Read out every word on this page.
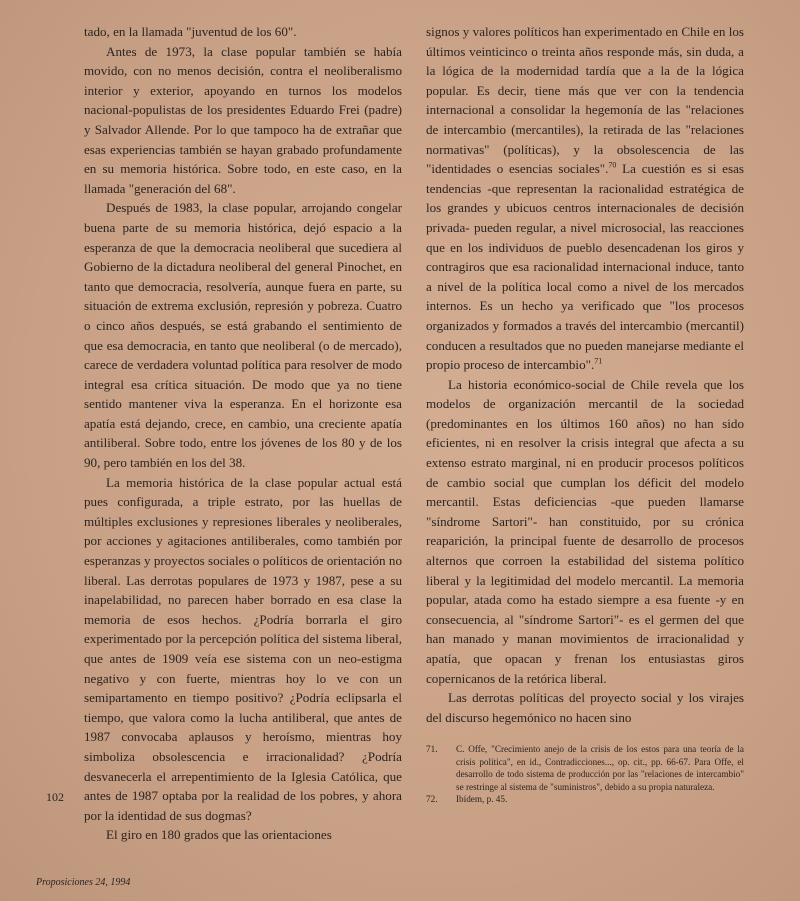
tado, en la llamada "juventud de los 60".

Antes de 1973, la clase popular también se había movido, con no menos decisión, contra el neoliberalismo interior y exterior, apoyando en turnos los modelos nacional-populistas de los presidentes Eduardo Frei (padre) y Salvador Allende. Por lo que tampoco ha de extrañar que esas experiencias también se hayan grabado profundamente en su memoria histórica. Sobre todo, en este caso, en la llamada "generación del 68".

Después de 1983, la clase popular, arrojando congelar buena parte de su memoria histórica, dejó espacio a la esperanza de que la democracia neoliberal que sucediera al Gobierno de la dictadura neoliberal del general Pinochet, en tanto que democracia, resolvería, aunque fuera en parte, su situación de extrema exclusión, represión y pobreza. Cuatro o cinco años después, se está grabando el sentimiento de que esa democracia, en tanto que neoliberal (o de mercado), carece de verdadera voluntad política para resolver de modo integral esa crítica situación. De modo que ya no tiene sentido mantener viva la esperanza. En el horizonte esa apatía está dejando, crece, en cambio, una creciente apatía antiliberal. Sobre todo, entre los jóvenes de los 80 y de los 90, pero también en los del 38.

La memoria histórica de la clase popular actual está pues configurada, a triple estrato, por las huellas de múltiples exclusiones y represiones liberales y neoliberales, por acciones y agitaciones antiliberales, como también por esperanzas y proyectos sociales o políticos de orientación no liberal. Las derrotas populares de 1973 y 1987, pese a su inapelabilidad, no parecen haber borrado en esa clase la memoria de esos hechos. ¿Podría borrarla el giro experimentado por la percepción política del sistema liberal, que antes de 1909 veía ese sistema con un neo-estigma negativo y con fuerte, mientras hoy lo ve con un semipartamento en tiempo positivo? ¿Podría eclipsarla el tiempo, que valora como la lucha antiliberal, que antes de 1987 convocaba aplausos y heroísmo, mientras hoy simboliza obsolescencia e irracionalidad? ¿Podría desvanecerla el arrepentimiento de la Iglesia Católica, que antes de 1987 optaba por la realidad de los pobres, y ahora por la identidad de sus dogmas?

El giro en 180 grados que las orientaciones

signos y valores políticos han experimentado en Chile en los últimos veinticinco o treinta años responde más, sin duda, a la lógica de la modernidad tardía que a la de la lógica popular. Es decir, tiene más que ver con la tendencia internacional a consolidar la hegemonía de las "relaciones de intercambio (mercantiles), la retirada de las "relaciones normativas" (políticas), y la obsolescencia de las "identidades o esencias sociales".$^{70}$ La cuestión es si esas tendencias -que representan la racionalidad estratégica de los grandes y ubicuos centros internacionales de decisión privada- pueden regular, a nivel microsocial, las reacciones que en los individuos de pueblo desencadenan los giros y contragiros que esa racionalidad internacional induce, tanto a nivel de la política local como a nivel de los mercados internos. Es un hecho ya verificado que "los procesos organizados y formados a través del intercambio (mercantil) conducen a resultados que no pueden manejarse mediante el propio proceso de intercambio".$^{71}$

La historia económico-social de Chile revela que los modelos de organización mercantil de la sociedad (predominantes en los últimos 160 años) no han sido eficientes, ni en resolver la crisis integral que afecta a su extenso estrato marginal, ni en producir procesos políticos de cambio social que cumplan los déficit del modelo mercantil. Estas deficiencias -que pueden llamarse "síndrome Sartori"- han constituido, por su crónica reaparición, la principal fuente de desarrollo de procesos alternos que corroen la estabilidad del sistema político liberal y la legitimidad del modelo mercantil. La memoria popular, atada como ha estado siempre a esa fuente -y en consecuencia, al "síndrome Sartori"- es el germen del que han manado y manan movimientos de irracionalidad y apatía, que opacan y frenan los entusiastas giros copernicanos de la retórica liberal.

Las derrotas políticas del proyecto social y los virajes del discurso hegemónico no hacen sino

71. C. Offe, "Crecimiento anejo de la crisis de los estos para una teoría de la crisis política", en id., Contradicciones..., op. cit., pp. 66-67. Para Offe, el desarrollo de todo sistema de producción por las "relaciones de intercambio" se restringe al sistema de "suministros", debido a su propia naturaleza.
72. Ibídem, p. 45.
102
Proposiciones 24, 1994
